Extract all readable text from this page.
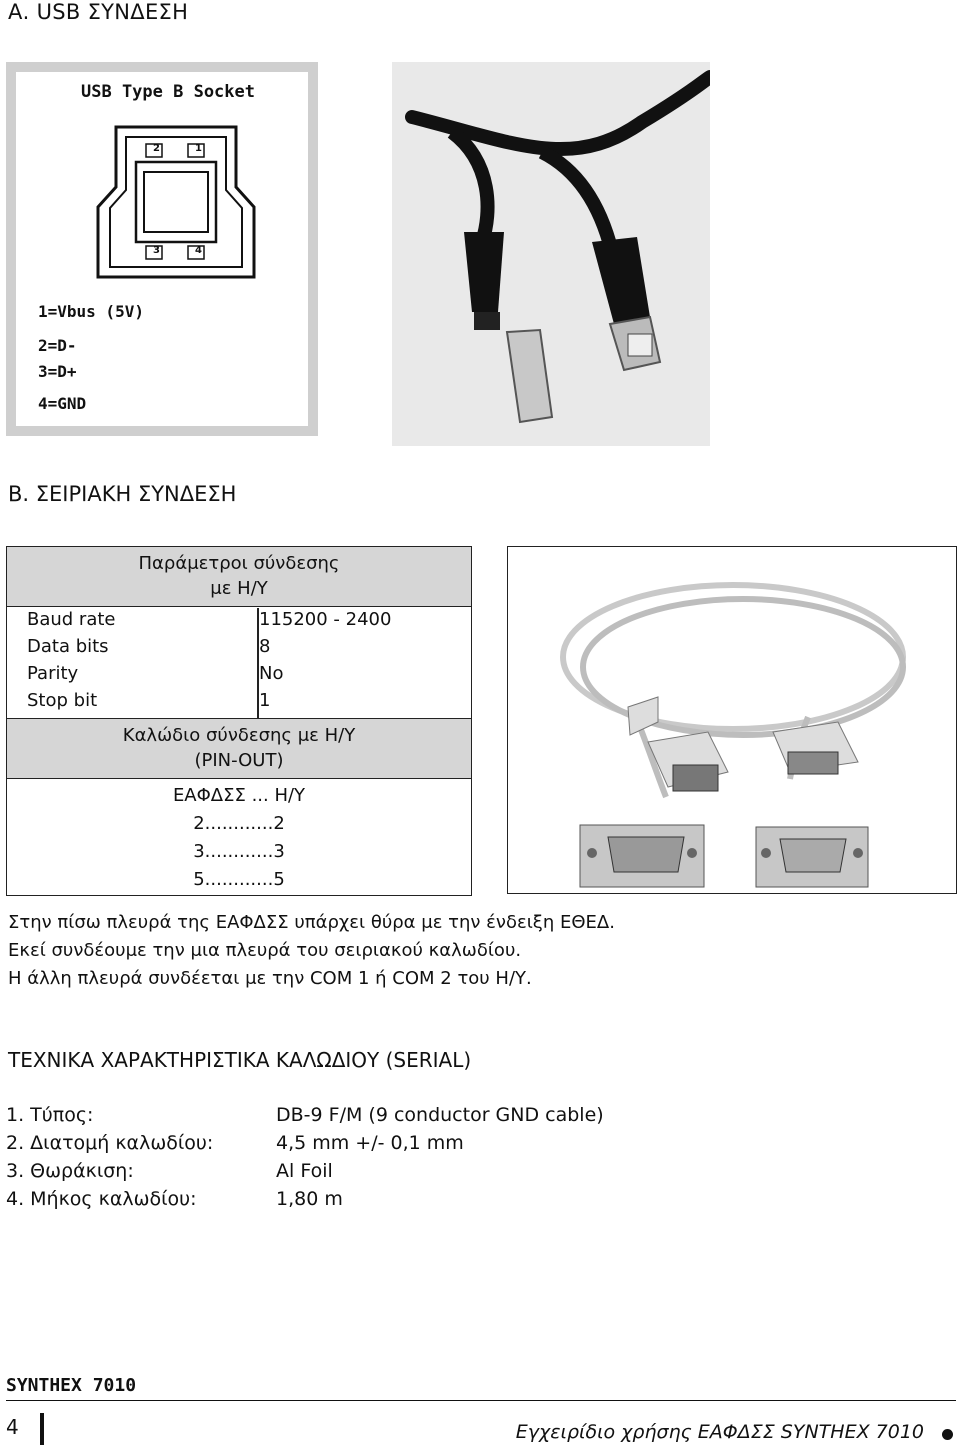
Α. USB ΣΥΝΔΕΣΗ
USB Type B Socket
2	1
3	4
1=Vbus (5V)
2=D-
3=D+
4=GND
Β. ΣΕΙΡΙΑΚΗ ΣΥΝΔΕΣΗ
Παράμετροι σύνδεσης
με Η/Υ
Baud rate	115200 - 2400
Data bits	8
Parity	No
Stop bit	1
Καλώδιο σύνδεσης με Η/Υ
(PIN-OUT)
ΕΑΦΔΣΣ ... Η/Υ
2............2
3............3
5............5
Στην πίσω πλευρά της ΕΑΦΔΣΣ υπάρχει θύρα με την ένδειξη ΕΘΕΔ.
Εκεί συνδέουμε την μια πλευρά του σειριακού καλωδίου.
Η άλλη πλευρά συνδέεται με την COM 1 ή COM 2 του Η/Υ.
ΤΕΧΝΙΚΑ ΧΑΡΑΚΤΗΡΙΣΤΙΚΑ ΚΑΛΩΔΙΟΥ (SERIAL)
1. Τύπος:	DB-9 F/M (9 conductor GND cable)
2. Διατομή καλωδίου:	4,5 mm +/- 0,1 mm
3. Θωράκιση:	Al Foil
4. Μήκος καλωδίου:	1,80 m
SYNTHEX 7010
4	Εγχειρίδιο χρήσης ΕΑΦΔΣΣ SYNTHEX 7010
